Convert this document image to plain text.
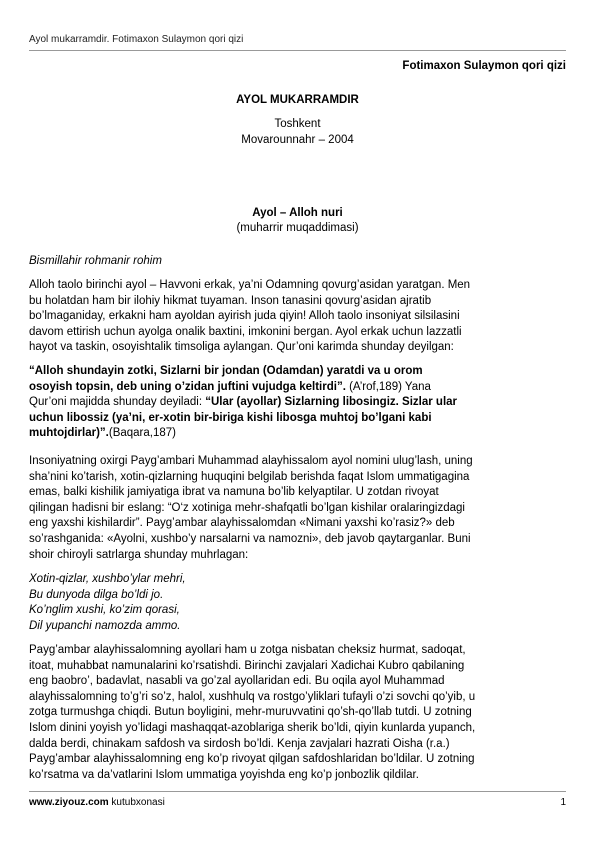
Ayol mukarramdir. Fotimaxon Sulaymon qori qizi
Fotimaxon Sulaymon qori qizi
AYOL MUKARRAMDIR
Toshkent
Movarounnahr – 2004
Ayol – Alloh nuri
(muharrir muqaddimasi)
Bismillahir rohmanir rohim
Alloh taolo birinchi ayol – Havvoni erkak, ya’ni Odamning qovurg’asidan yaratgan. Men
bu holatdan ham bir ilohiy hikmat tuyaman. Inson tanasini qovurg’asidan ajratib
bo’lmaganiday, erkakni ham ayoldan ayirish juda qiyin! Alloh taolo insoniyat silsilasini
davom ettirish uchun ayolga onalik baxtini, imkonini bergan. Ayol erkak uchun lazzatli
hayot va taskin, osoyishtalik timsoliga aylangan. Qur’oni karimda shunday deyilgan:
“Alloh shundayin zotki, Sizlarni bir jondan (Odamdan) yaratdi va u orom
osoyish topsin, deb uning o’zidan juftini vujudga keltirdi”. (A’rof,189) Yana
Qur’oni majidda shunday deyiladi: “Ular (ayollar) Sizlarning libosingiz. Sizlar ular
uchun libossiz (ya’ni, er-xotin bir-biriga kishi libosga muhtoj bo’lgani kabi
muhtojdirlar)”.(Baqara,187)
Insoniyatning oxirgi Payg’ambari Muhammad alayhissalom ayol nomini ulug’lash, uning
sha’nini ko’tarish, xotin-qizlarning huquqini belgilab berishda faqat Islom ummatigagina
emas, balki kishilik jamiyatiga ibrat va namuna bo’lib kelyaptilar. U zotdan rivoyat
qilingan hadisni bir eslang: “O‘z xotiniga mehr-shafqatli bo’lgan kishilar oralaringizdagi
eng yaxshi kishilardir”. Payg’ambar alayhissalomdan «Nimani yaxshi ko’rasiz?» deb
so’rashganida: «Ayolni, xushbo’y narsalarni va namozni», deb javob qaytarganlar. Buni
shoir chiroyli satrlarga shunday muhrlagan:
Xotin-qizlar, xushbo’ylar mehri,
Bu dunyoda dilga bo’ldi jo.
Ko’nglim xushi, ko’zim qorasi,
Dil yupanchi namozda ammo.
Payg’ambar alayhissalomning ayollari ham u zotga nisbatan cheksiz hurmat, sadoqat,
itoat, muhabbat namunalarini ko’rsatishdi. Birinchi zavjalari Xadichai Kubro qabilaning
eng baobro’, badavlat, nasabli va go’zal ayollaridan edi. Bu oqila ayol Muhammad
alayhissalomning to’g’ri so’z, halol, xushhulq va rostgo’yliklari tufayli o’zi sovchi qo’yib, u
zotga turmushga chiqdi. Butun boyligini, mehr-muruvvatini qo’sh-qo’llab tutdi. U zotning
Islom dinini yoyish yo’lidagi mashaqqat-azoblariga sherik bo’ldi, qiyin kunlarda yupanch,
dalda berdi, chinakam safdosh va sirdosh bo’ldi. Kenja zavjalari hazrati Oisha (r.a.)
Payg’ambar alayhissalomning eng ko’p rivoyat qilgan safdoshlaridan bo’ldilar. U zotning
ko’rsatma va da’vatlarini Islom ummatiga yoyishda eng ko’p jonbozlik qildilar.
www.ziyouz.com kutubxonasi	1
